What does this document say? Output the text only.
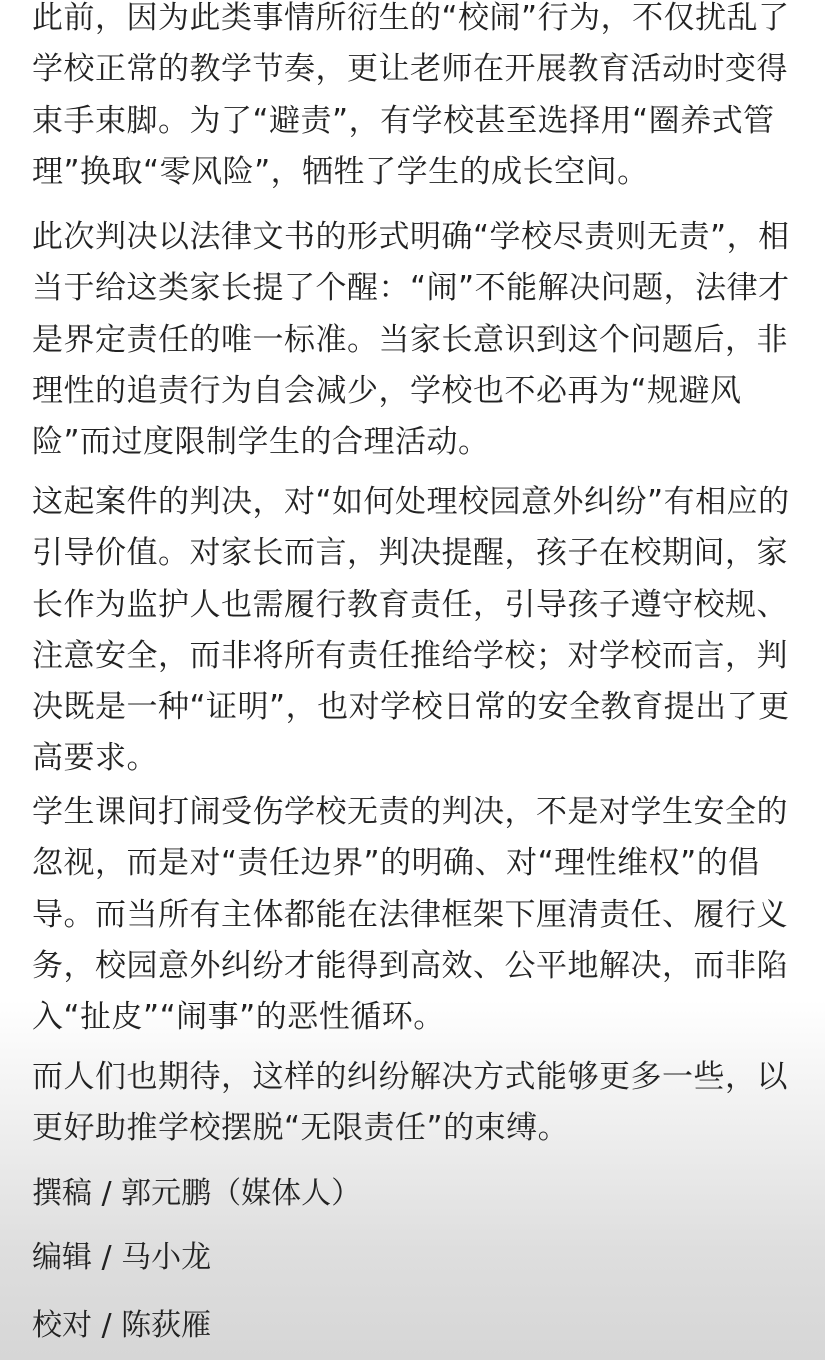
此前，因为此类事情所衍生的“校闹”行为，不仅扰乱了学校正常的教学节奏，更让老师在开展教育活动时变得束手束脚。为了“避责”，有学校甚至选择用“圈养式管理”换取“零风险”，牺牲了学生的成长空间。

此次判决以法律文书的形式明确“学校尽责则无责”，相当于给这类家长提了个醒：“闹”不能解决问题，法律才是界定责任的唯一标准。当家长意识到这个问题后，非理性的追责行为自会减少，学校也不必再为“规避风险”而过度限制学生的合理活动。

这起案件的判决，对“如何处理校园意外纠纷”有相应的引导价值。对家长而言，判决提醒，孩子在校期间，家长作为监护人也需履行教育责任，引导孩子遵守校规、注意安全，而非将所有责任推给学校；对学校而言，判决既是一种“证明”，也对学校日常的安全教育提出了更高要求。

学生课间打闹受伤学校无责的判决，不是对学生安全的忽视，而是对“责任边界”的明确、对“理性维权”的倡导。而当所有主体都能在法律框架下厘清责任、履行义务，校园意外纠纷才能得到高效、公平地解决，而非陷入“扯皮”“闹事”的恶性循环。

而人们也期待，这样的纠纷解决方式能够更多一些，以更好助推学校摆脱“无限责任”的束缚。

撰稿 / 郭元鹏（媒体人）

编辑 / 马小龙

校对 / 陈荻雁
